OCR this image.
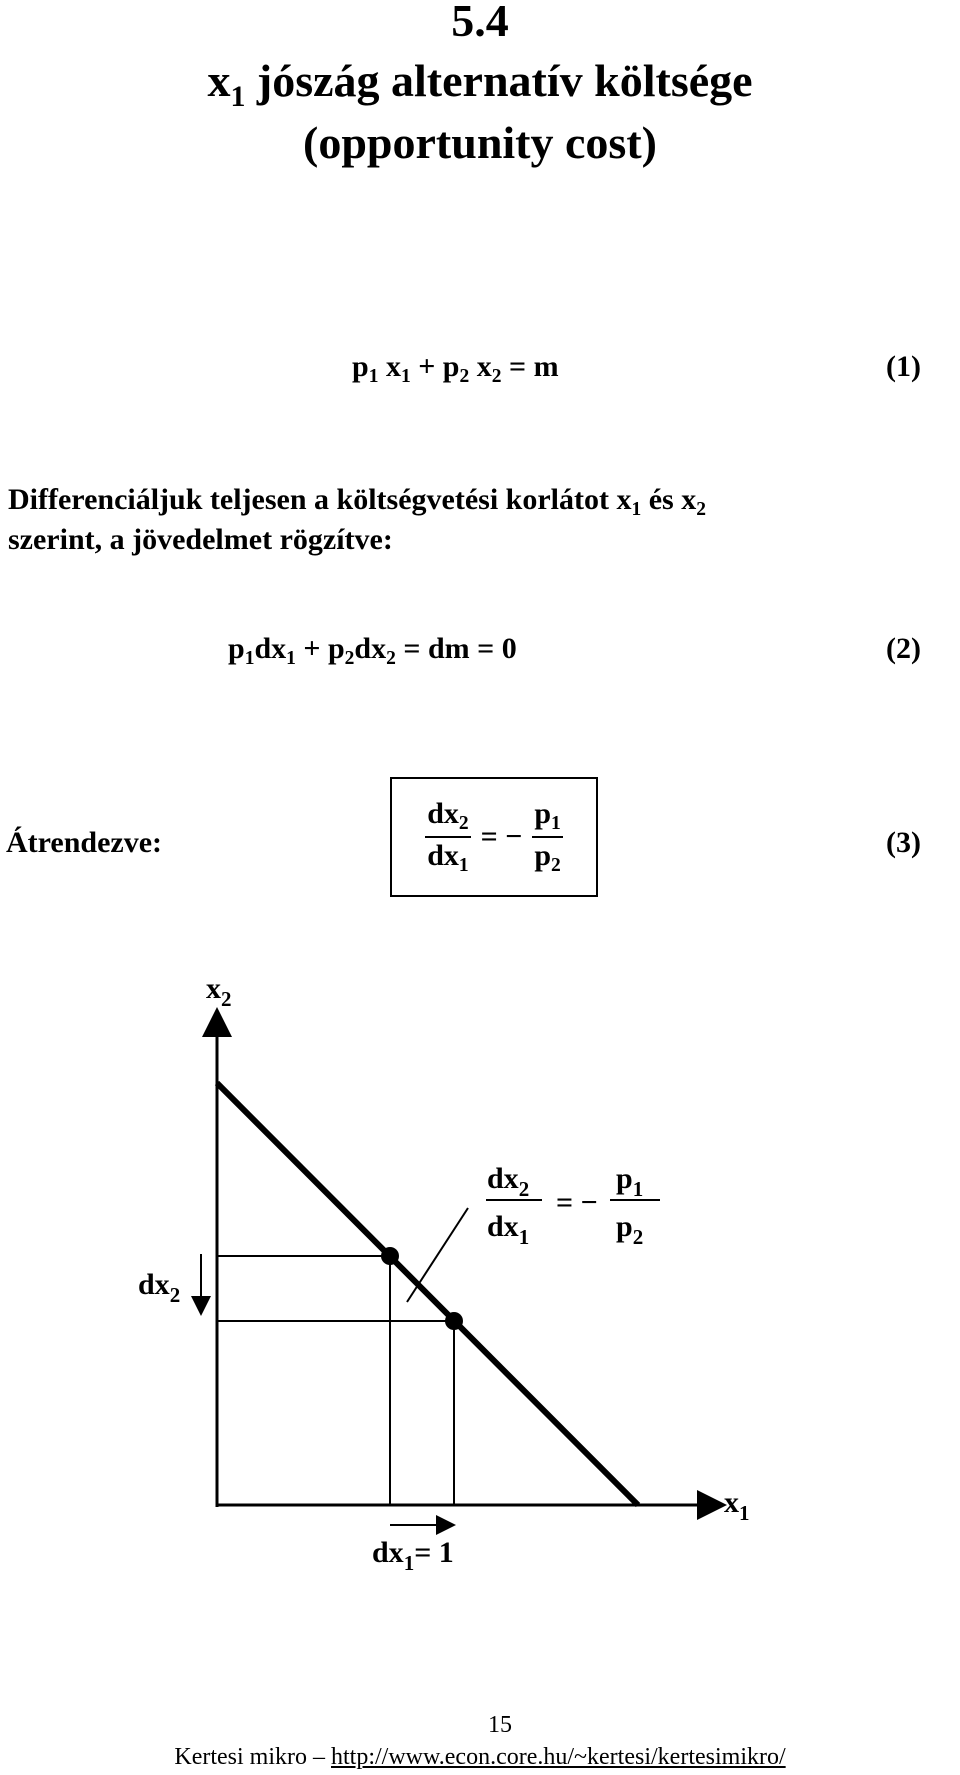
5.4
$x_1$ jószág alternatív költsége
(opportunity cost)
$p_1$ $x_1 + p_2$ $x_2 = m$	(1)
Differenciáljuk teljesen a költségvetési korlátot $x_1$ és $x_2$
szerint, a jövedelmet rögzítve:
$p_1dx_1 + p_2dx_2$ = dm = 0	(2)
Átrendezve:	$\frac{dx_2}{dx_1}$ = − $\frac{p_1}{p_2}$	(3)
$x_2$
$x_1$
$dx_2$
$dx_1= 1$
$dx_2$
$dx_1$
= −
$p_1$
$p_2$
15
Kertesi mikro – http://www.econ.core.hu/~kertesi/kertesimikro/
